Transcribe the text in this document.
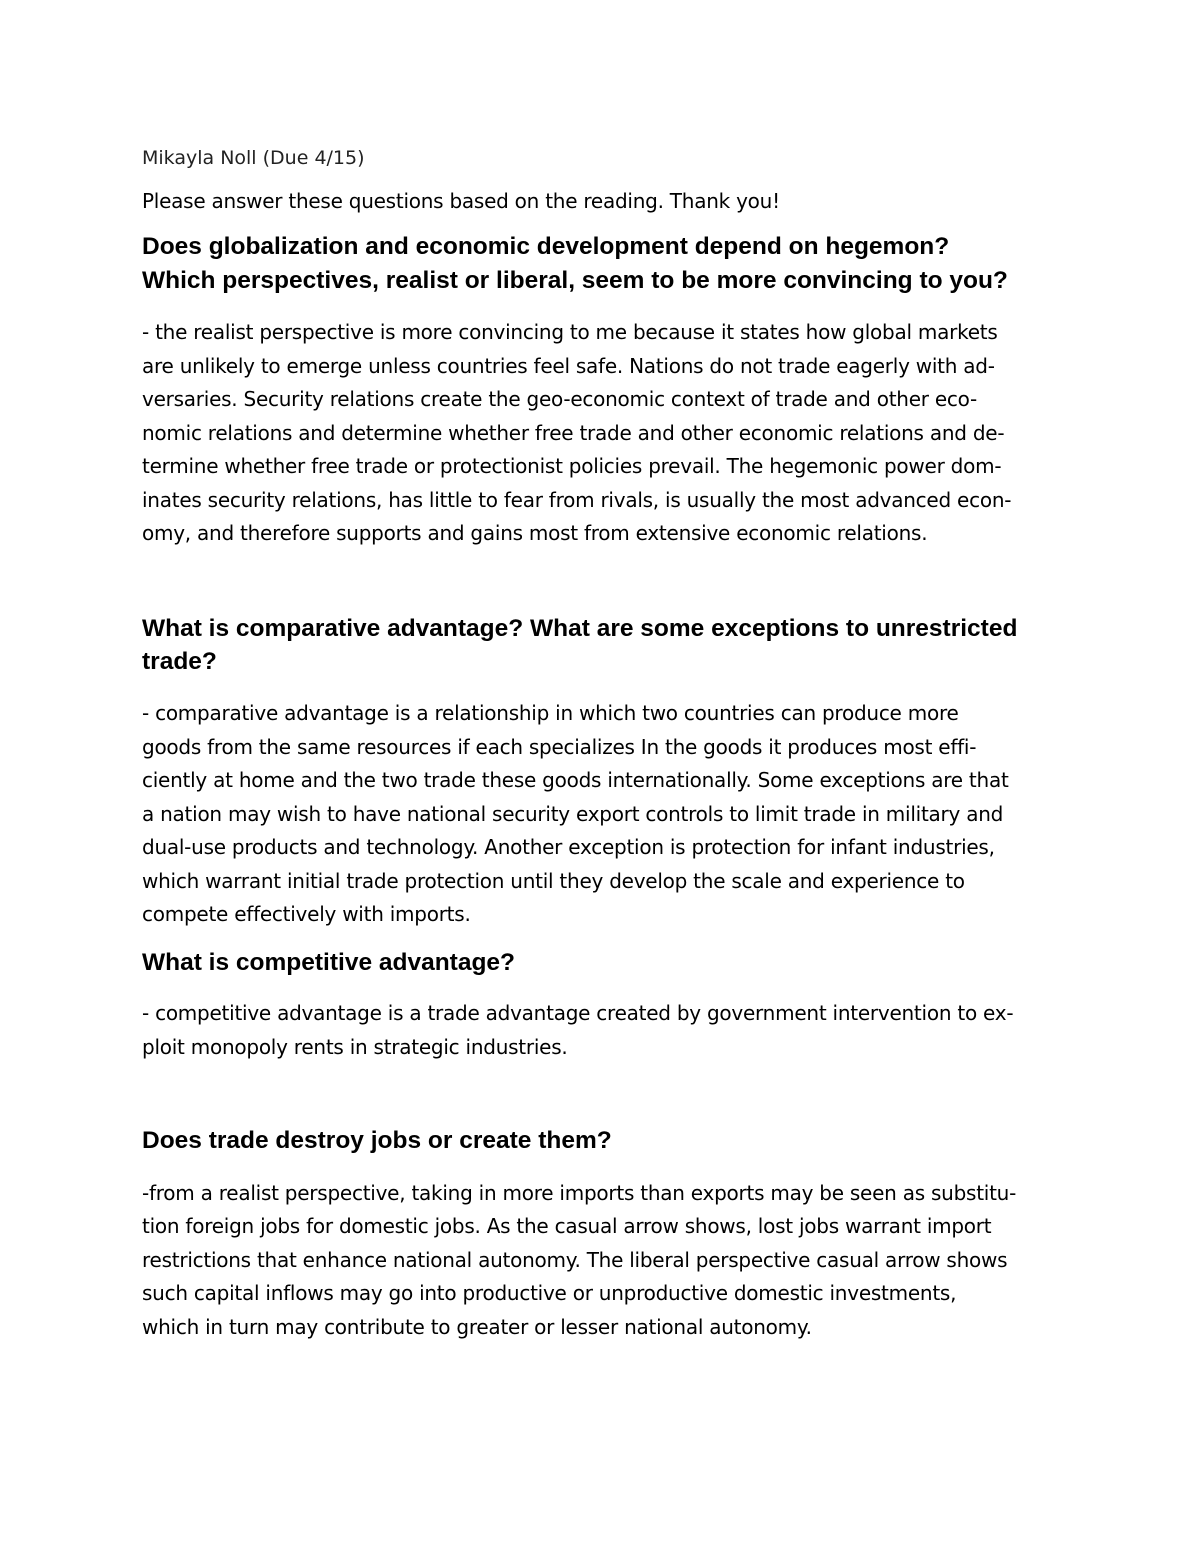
Mikayla Noll (Due 4/15)
Please answer these questions based on the reading. Thank you!
Does globalization and economic development depend on hegemon?
Which perspectives, realist or liberal, seem to be more convincing to you?
- the realist perspective is more convincing to me because it states how global markets
are unlikely to emerge unless countries feel safe. Nations do not trade eagerly with ad-
versaries. Security relations create the geo-economic context of trade and other eco-
nomic relations and determine whether free trade and other economic relations and de-
termine whether free trade or protectionist policies prevail. The hegemonic power dom-
inates security relations, has little to fear from rivals, is usually the most advanced econ-
omy, and therefore supports and gains most from extensive economic relations.
What is comparative advantage? What are some exceptions to unrestricted
trade?
- comparative advantage is a relationship in which two countries can produce more
goods from the same resources if each specializes In the goods it produces most effi-
ciently at home and the two trade these goods internationally. Some exceptions are that
a nation may wish to have national security export controls to limit trade in military and
dual-use products and technology. Another exception is protection for infant industries,
which warrant initial trade protection until they develop the scale and experience to
compete effectively with imports.
What is competitive advantage?
- competitive advantage is a trade advantage created by government intervention to ex-
ploit monopoly rents in strategic industries.
Does trade destroy jobs or create them?
-from a realist perspective, taking in more imports than exports may be seen as substitu-
tion foreign jobs for domestic jobs. As the casual arrow shows, lost jobs warrant import
restrictions that enhance national autonomy. The liberal perspective casual arrow shows
such capital inflows may go into productive or unproductive domestic investments,
which in turn may contribute to greater or lesser national autonomy.
